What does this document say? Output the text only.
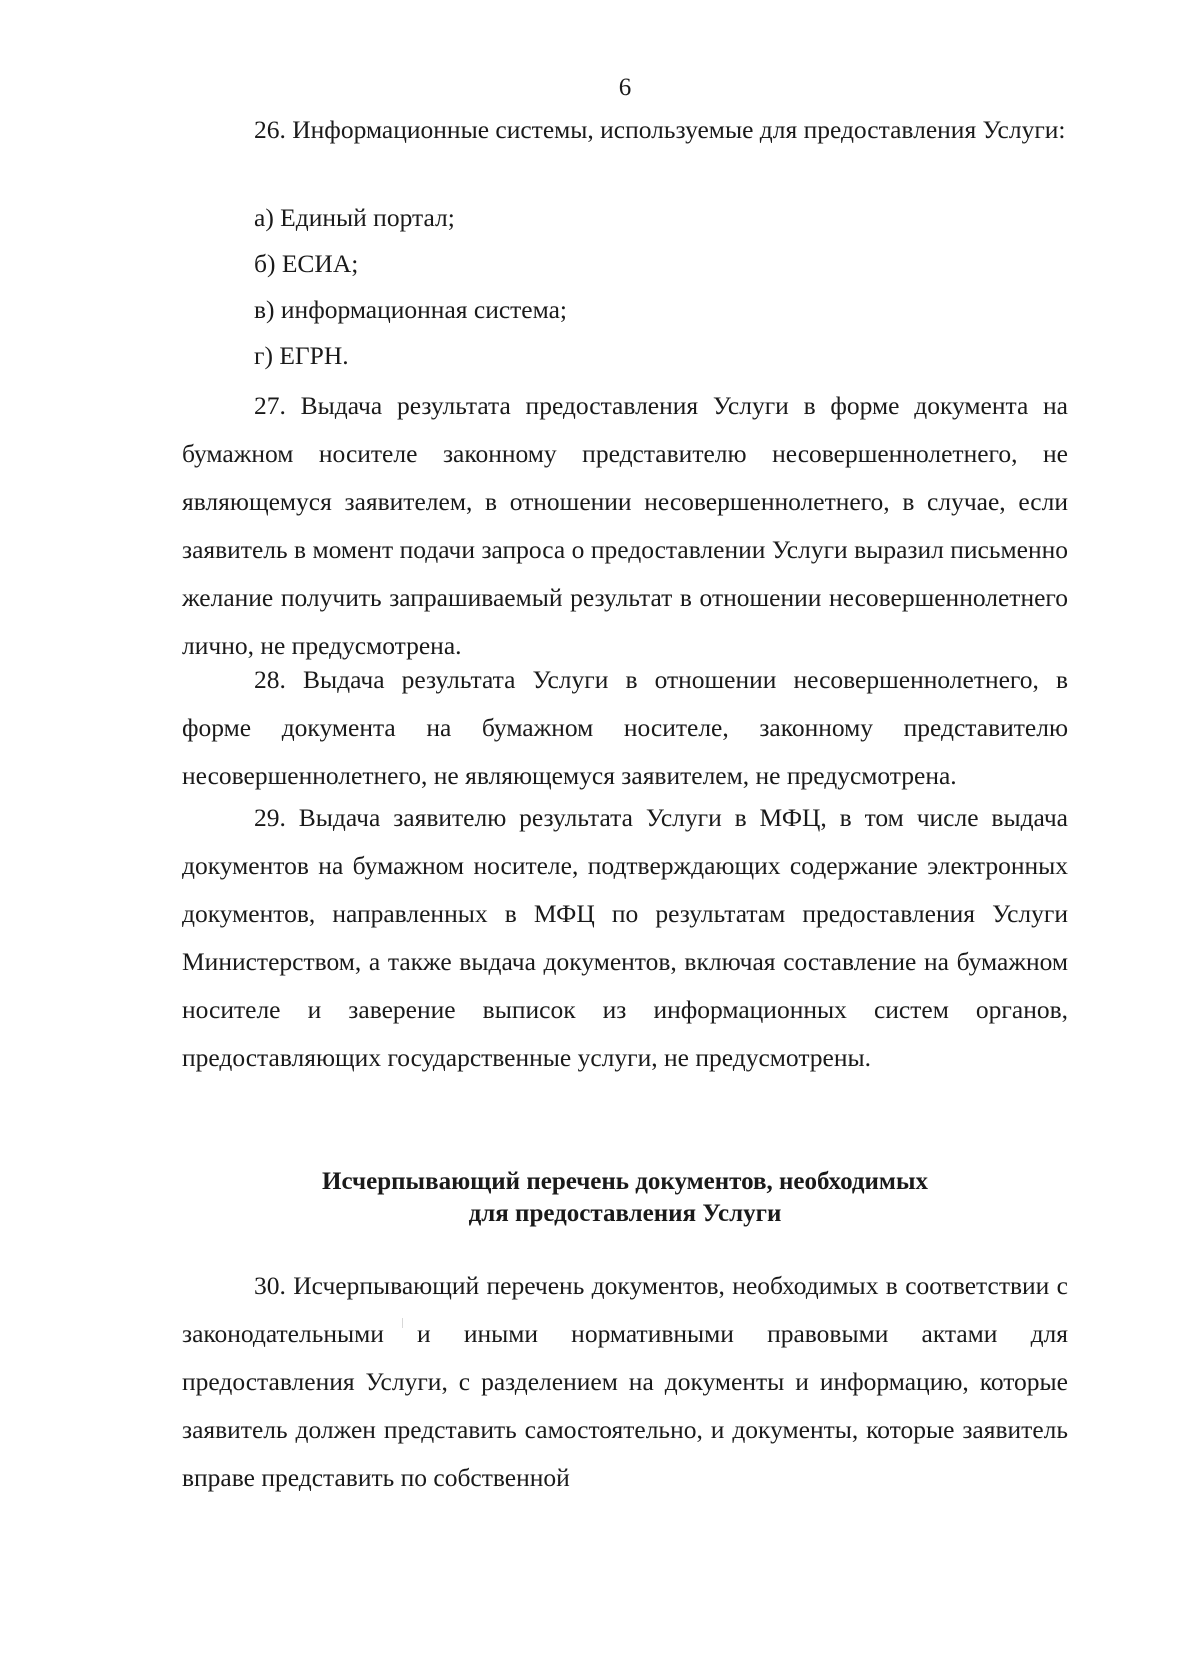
6

26. Информационные системы, используемые для предоставления Услуги:

а) Единый портал;
б) ЕСИА;
в) информационная система;
г) ЕГРН.

27. Выдача результата предоставления Услуги в форме документа на бумажном носителе законному представителю несовершеннолетнего, не являющемуся заявителем, в отношении несовершеннолетнего, в случае, если заявитель в момент подачи запроса о предоставлении Услуги выразил письменно желание получить запрашиваемый результат в отношении несовершеннолетнего лично, не предусмотрена.

28. Выдача результата Услуги в отношении несовершеннолетнего, в форме документа на бумажном носителе, законному представителю несовершеннолетнего, не являющемуся заявителем, не предусмотрена.

29. Выдача заявителю результата Услуги в МФЦ, в том числе выдача документов на бумажном носителе, подтверждающих содержание электронных документов, направленных в МФЦ по результатам предоставления Услуги Министерством, а также выдача документов, включая составление на бумажном носителе и заверение выписок из информационных систем органов, предоставляющих государственные услуги, не предусмотрены.

Исчерпывающий перечень документов, необходимых
для предоставления Услуги

30. Исчерпывающий перечень документов, необходимых в соответствии с законодательными и иными нормативными правовыми актами для предоставления Услуги, с разделением на документы и информацию, которые заявитель должен представить самостоятельно, и документы, которые заявитель вправе представить по собственной
